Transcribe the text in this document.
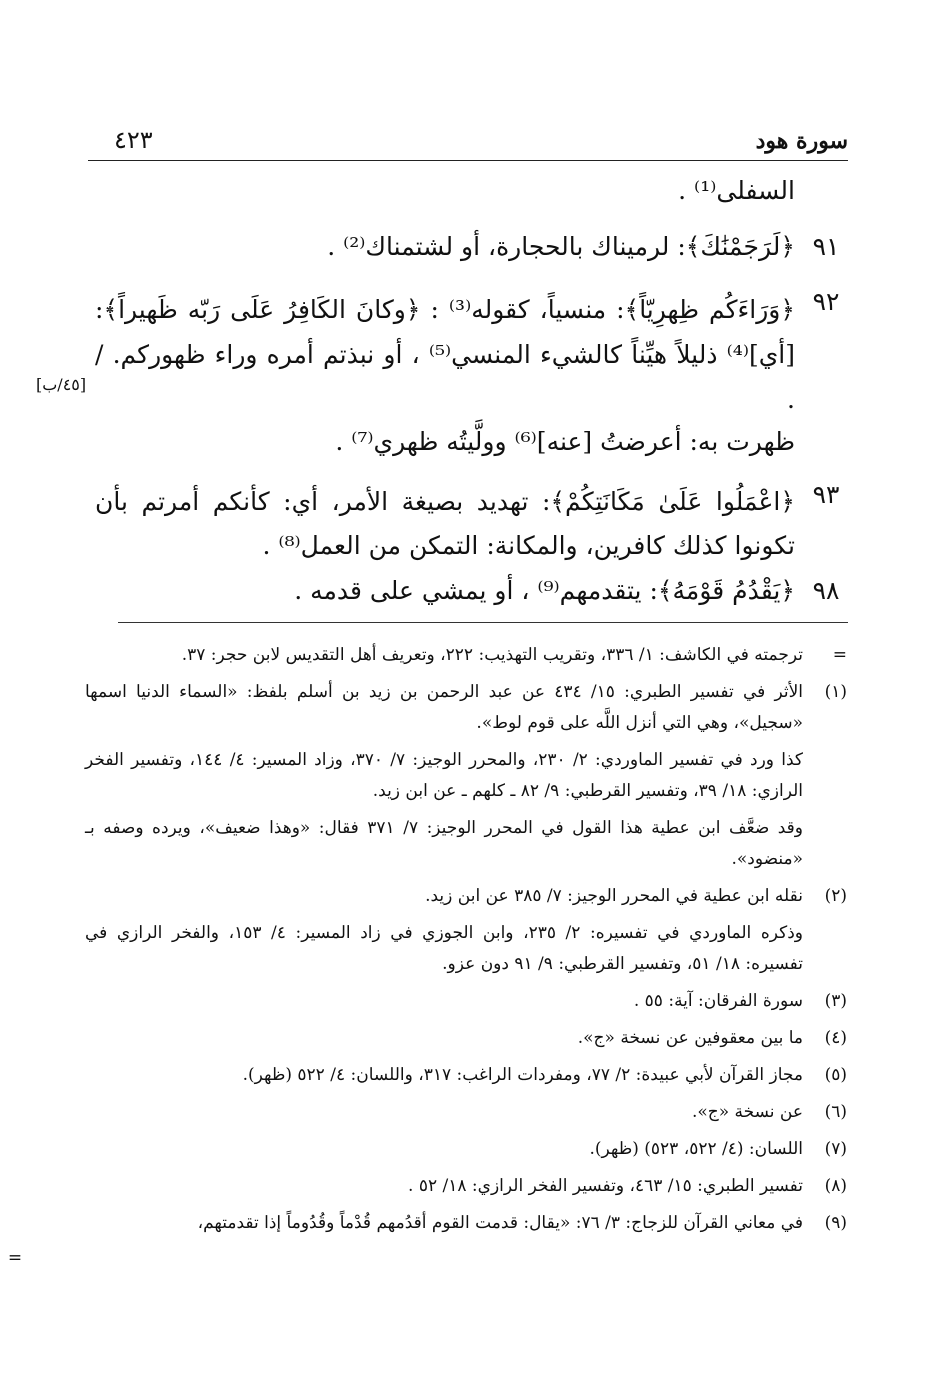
سورة هود
٤٢٣
[٤٥/ب]
السفلى⁽¹⁾ .
٩١
﴿لَرَجَمْنَٰكَ﴾: لرميناك بالحجارة، أو لشتمناك⁽²⁾ .
٩٢
﴿وَرَاءَكُم ظِهرِيّاً﴾: منسياً، كقوله⁽³⁾ : ﴿وكانَ الكَافِرُ عَلَى رَبّه ظَهيراً﴾: [أي]⁽⁴⁾ ذليلاً هيِّناً كالشيء المنسي⁽⁵⁾ ، أو نبذتم أمره وراء ظهوركم. / .
ظهرت به: أعرضتُ [عنه]⁽⁶⁾ وولَّيتُه ظهري⁽⁷⁾ .
٩٣
﴿اعْمَلُوا عَلَىٰ مَكَانَتِكُمْ﴾: تهديد بصيغة الأمر، أي: كأنكم أمرتم بأن تكونوا كذلك كافرين، والمكانة: التمكن من العمل⁽⁸⁾ .
٩٨
﴿يَقْدُمُ قَوْمَهُ﴾: يتقدمهم⁽⁹⁾ ، أو يمشي على قدمه .
=
ترجمته في الكاشف: ١/ ٣٣٦، وتقريب التهذيب: ٢٢٢، وتعريف أهل التقديس لابن حجر: ٣٧.
(١)
الأثر في تفسير الطبري: ١٥/ ٤٣٤ عن عبد الرحمن بن زيد بن أسلم بلفظ: «السماء الدنيا اسمها «سجيل»، وهي التي أنزل اللَّه على قوم لوط».
كذا ورد في تفسير الماوردي: ٢/ ٢٣٠، والمحرر الوجيز: ٧/ ٣٧٠، وزاد المسير: ٤/ ١٤٤، وتفسير الفخر الرازي: ١٨/ ٣٩، وتفسير القرطبي: ٩/ ٨٢ ـ كلهم ـ عن ابن زيد.
وقد ضعَّف ابن عطية هذا القول في المحرر الوجيز: ٧/ ٣٧١ فقال: «وهذا ضعيف»، ويرده وصفه بـ «منضود».
(٢)
نقله ابن عطية في المحرر الوجيز: ٧/ ٣٨٥ عن ابن زيد.
وذكره الماوردي في تفسيره: ٢/ ٢٣٥، وابن الجوزي في زاد المسير: ٤/ ١٥٣، والفخر الرازي في تفسيره: ١٨/ ٥١، وتفسير القرطبي: ٩/ ٩١ دون عزو.
(٣)
سورة الفرقان: آية: ٥٥ .
(٤)
ما بين معقوفين عن نسخة «ج».
(٥)
مجاز القرآن لأبي عبيدة: ٢/ ٧٧، ومفردات الراغب: ٣١٧، واللسان: ٤/ ٥٢٢ (ظهر).
(٦)
عن نسخة «ج».
(٧)
اللسان: (٤/ ٥٢٢، ٥٢٣) (ظهر).
(٨)
تفسير الطبري: ١٥/ ٤٦٣، وتفسير الفخر الرازي: ١٨/ ٥٢ .
(٩)
في معاني القرآن للزجاج: ٣/ ٧٦: «يقال: قدمت القوم أقدُمهم قُدْماً وقُدُوماً إذا تقدمتهم،
=
